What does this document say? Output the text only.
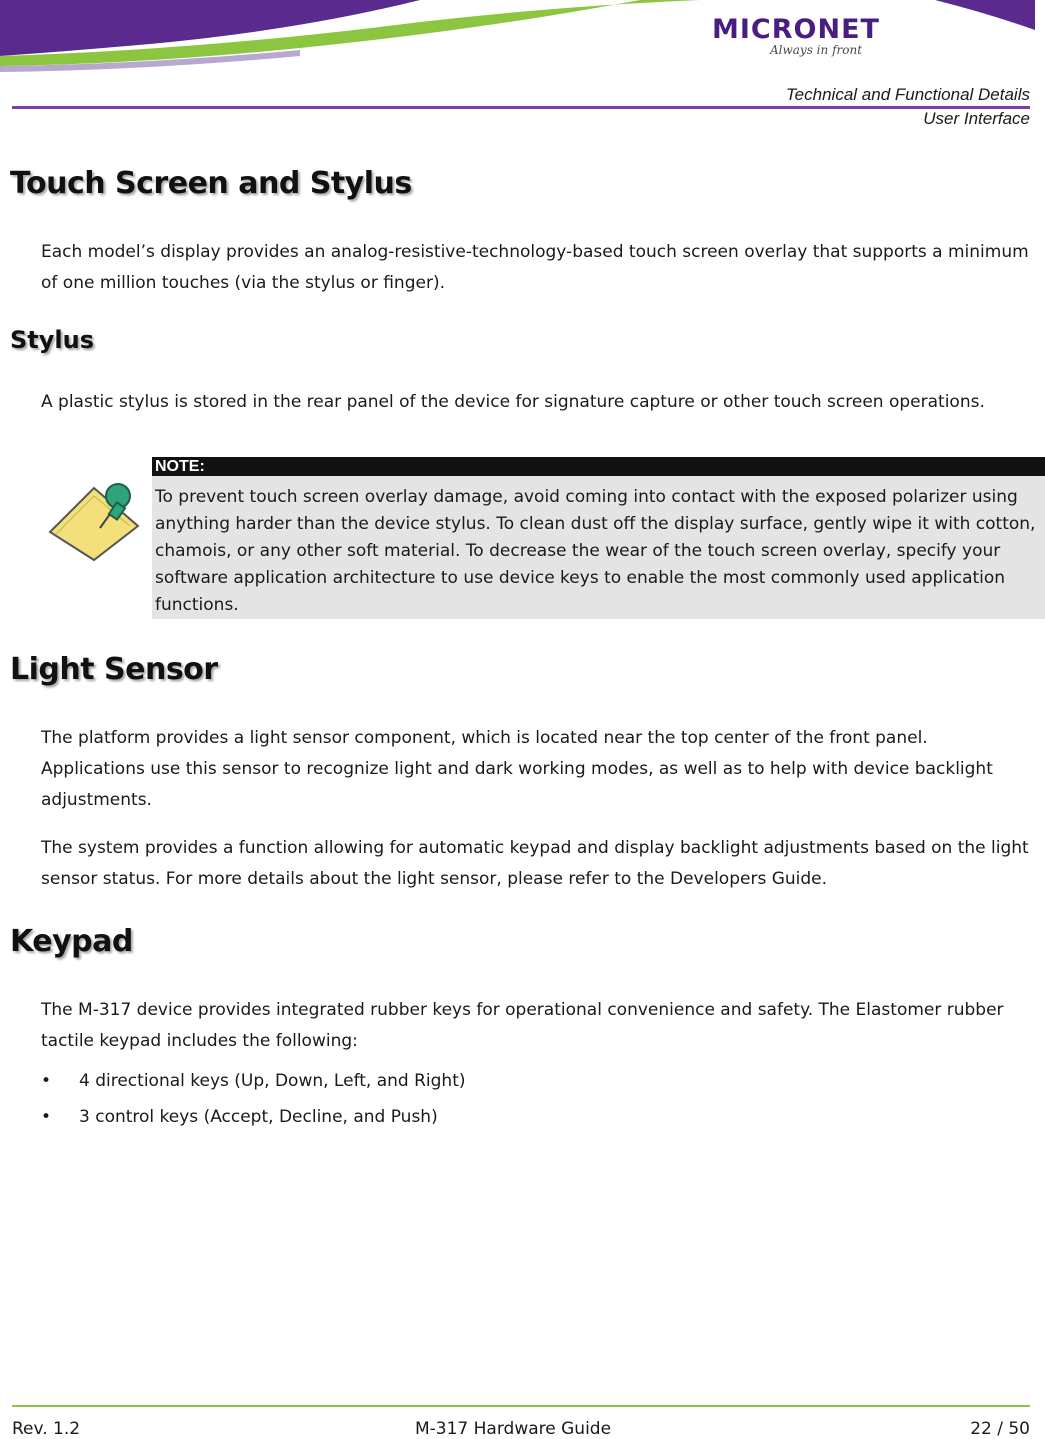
MICRONET
Always in front
Technical and Functional Details
User Interface
Touch Screen and Stylus

Each model’s display provides an analog-resistive-technology-based touch screen overlay that supports a minimum of one million touches (via the stylus or finger).

Stylus

A plastic stylus is stored in the rear panel of the device for signature capture or other touch screen operations.

NOTE:
To prevent touch screen overlay damage, avoid coming into contact with the exposed polarizer using anything harder than the device stylus. To clean dust off the display surface, gently wipe it with cotton, chamois, or any other soft material. To decrease the wear of the touch screen overlay, specify your software application architecture to use device keys to enable the most commonly used application functions.
Light Sensor

The platform provides a light sensor component, which is located near the top center of the front panel. Applications use this sensor to recognize light and dark working modes, as well as to help with device backlight adjustments.

The system provides a function allowing for automatic keypad and display backlight adjustments based on the light sensor status. For more details about the light sensor, please refer to the Developers Guide.

Keypad

The M-317 device provides integrated rubber keys for operational convenience and safety. The Elastomer rubber tactile keypad includes the following:

• 4 directional keys (Up, Down, Left, and Right)
• 3 control keys (Accept, Decline, and Push)
Rev. 1.2	M-317 Hardware Guide	22 / 50
